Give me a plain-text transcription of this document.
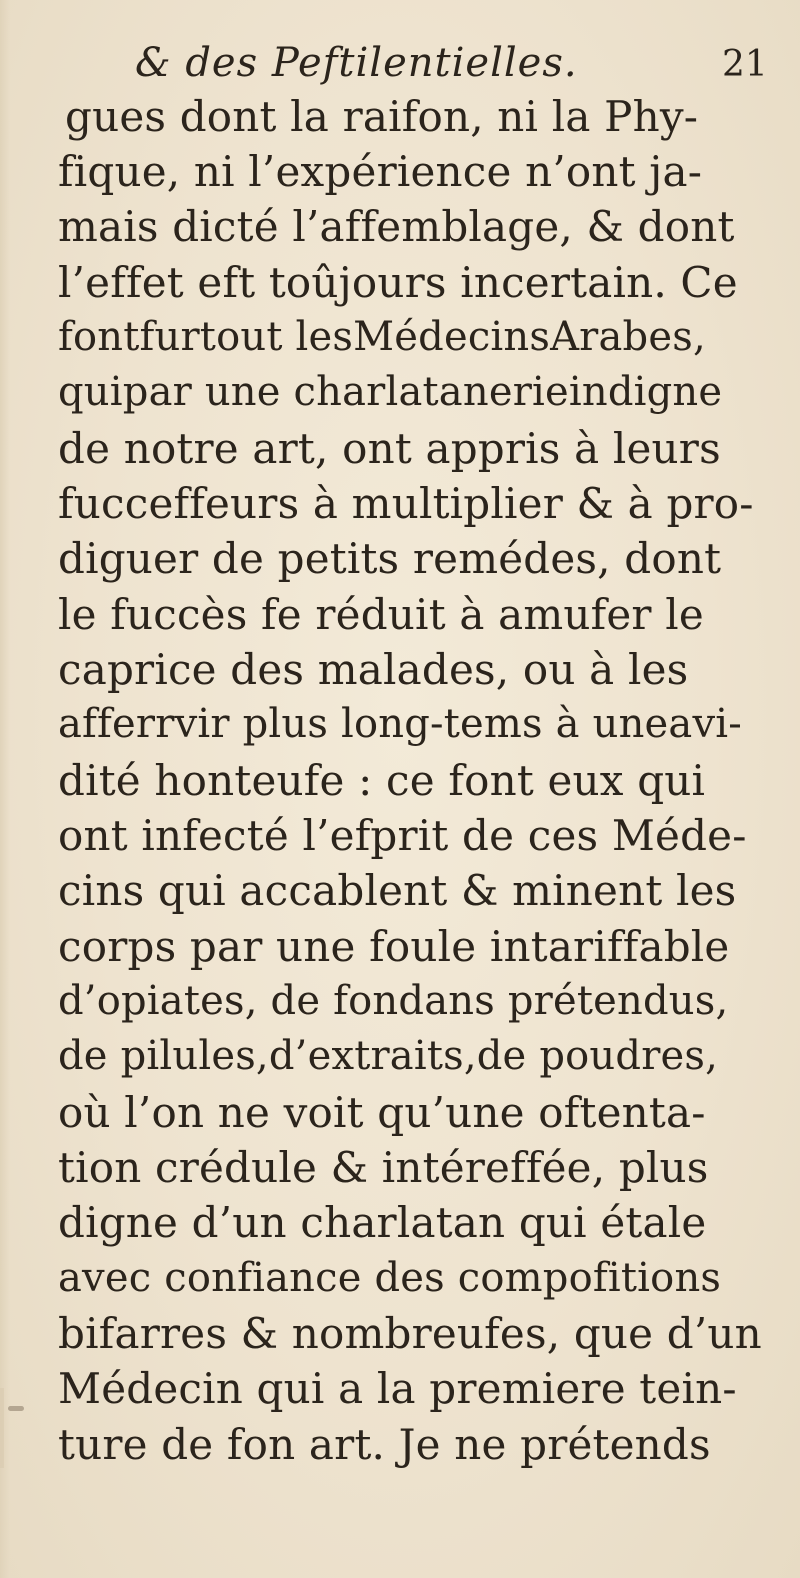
& des Peftilentielles.	21
gues dont la raifon, ni la Phy-
fique, ni l’expérience n’ont ja-
mais dicté l’affemblage, & dont
l’effet eft toûjours incertain. Ce
fontfurtout lesMédecinsArabes,
quipar une charlatanerieindigne
de notre art, ont appris à leurs
fucceffeurs à multiplier & à pro-
diguer de petits remédes, dont
le fuccès fe réduit à amufer le
caprice des malades, ou à les
afferrvir plus long-tems à uneavi-
dité honteufe : ce font eux qui
ont infecté l’efprit de ces Méde-
cins qui accablent & minent les
corps par une foule intariffable
d’opiates, de fondans prétendus,
de pilules,d’extraits,de poudres,
où l’on ne voit qu’une oftenta-
tion crédule & intéreffée, plus
digne d’un charlatan qui étale
avec confiance des compofitions
bifarres & nombreufes, que d’un
Médecin qui a la premiere tein-
ture de fon art. Je ne prétends
